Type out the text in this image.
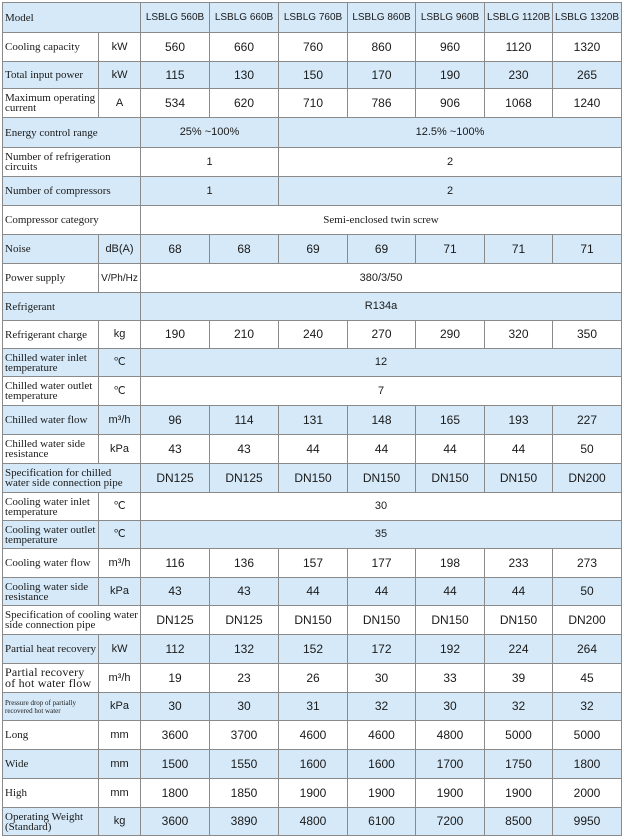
Model		LSBLG 560B	LSBLG 660B	LSBLG 760B	LSBLG 860B	LSBLG 960B	LSBLG 1120B	LSBLG 1320B
Cooling capacity	kW	560	660	760	860	960	1120	1320
Total input power	kW	115	130	150	170	190	230	265
Maximum operating current	A	534	620	710	786	906	1068	1240
Energy control range		25% ~100%		12.5% ~100%				
Number of refrigeration circuits		1		2				
Number of compressors		1		2				
Compressor category		Semi-enclosed twin screw						
Noise	dB(A)	68	68	69	69	71	71	71
Power supply	V/Ph/Hz	380/3/50						
Refrigerant		R134a						
Refrigerant charge	kg	190	210	240	270	290	320	350
Chilled water inlet temperature	℃	12						
Chilled water outlet temperature	℃	7						
Chilled water flow	m³/h	96	114	131	148	165	193	227
Chilled water side resistance	kPa	43	43	44	44	44	44	50
Specification for chilled water side connection pipe		DN125	DN125	DN150	DN150	DN150	DN150	DN200
Cooling water inlet temperature	℃	30						
Cooling water outlet temperature	℃	35						
Cooling water flow	m³/h	116	136	157	177	198	233	273
Cooling water side resistance	kPa	43	43	44	44	44	44	50
Specification of cooling water side connection pipe		DN125	DN125	DN150	DN150	DN150	DN150	DN200
Partial heat recovery	kW	112	132	152	172	192	224	264
Partial recovery of hot water flow	m³/h	19	23	26	30	33	39	45
Pressure drop of partially recovered hot water	kPa	30	30	31	32	30	32	32
Long	mm	3600	3700	4600	4600	4800	5000	5000
Wide	mm	1500	1550	1600	1600	1700	1750	1800
High	mm	1800	1850	1900	1900	1900	1900	2000
Operating Weight (Standard)	kg	3600	3890	4800	6100	7200	8500	9950
